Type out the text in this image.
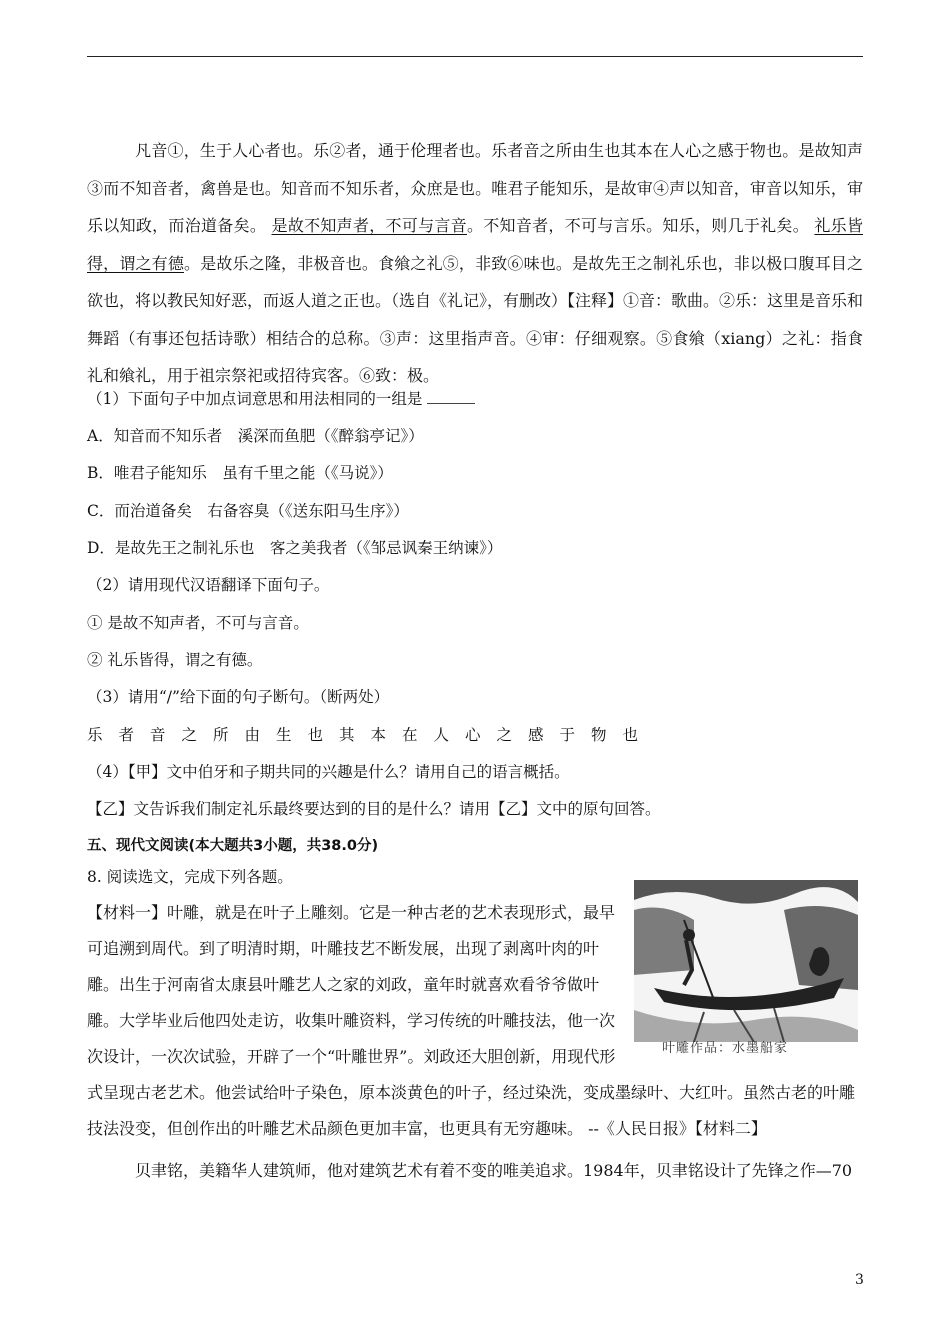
凡音①，生于人心者也。乐②者，通于伦理者也。乐者音之所由生也其本在人心之感于物也。是故知声③而不知音者，禽兽是也。知音而不知乐者，众庶是也。唯君子能知乐，是故审④声以知音，审音以知乐，审乐以知政，而治道备矣。 是故不知声者，不可与言音。不知音者，不可与言乐。知乐，则几于礼矣。 礼乐皆得，谓之有德。是故乐之隆，非极音也。食飨之礼⑤，非致⑥味也。是故先王之制礼乐也，非以极口腹耳目之欲也，将以教民知好恶，而返人道之正也。（选自《礼记》，有删改）【注释】①音：歌曲。②乐：这里是音乐和舞蹈（有事还包括诗歌）相结合的总称。③声：这里指声音。④审：仔细观察。⑤食飨（xiang）之礼：指食礼和飨礼，用于祖宗祭祀或招待宾客。⑥致：极。
（1）下面句子中加点词意思和用法相同的一组是
A．知音而不知乐者　溪深而鱼肥（《醉翁亭记》）
B．唯君子能知乐　虽有千里之能（《马说》）
C．而治道备矣　右备容臭（《送东阳马生序》）
D．是故先王之制礼乐也　客之美我者（《邹忌讽秦王纳谏》）
（2）请用现代汉语翻译下面句子。
① 是故不知声者，不可与言音。
② 礼乐皆得，谓之有德。
（3）请用“/”给下面的句子断句。（断两处）
乐者音之所由生也其本在人心之感于物也
（4）【甲】文中伯牙和子期共同的兴趣是什么？请用自己的语言概括。
【乙】文告诉我们制定礼乐最终要达到的目的是什么？请用【乙】文中的原句回答。
五、现代文阅读(本大题共3小题，共38.0分)
8. 阅读选文，完成下列各题。
【材料一】叶雕，就是在叶子上雕刻。它是一种古老的艺术表现形式，最早可追溯到周代。到了明清时期，叶雕技艺不断发展，出现了剥离叶肉的叶雕。出生于河南省太康县叶雕艺人之家的刘政，童年时就喜欢看爷爷做叶雕。大学毕业后他四处走访，收集叶雕资料，学习传统的叶雕技法，他一次次设计，一次次试验，开辟了一个“叶雕世界”。刘政还大胆创新，用现代形式呈现古老艺术。他尝试给叶子染色，原本淡黄色的叶子，经过染洗，变成墨绿叶、大红叶。虽然古老的叶雕技法没变，但创作出的叶雕艺术品颜色更加丰富，也更具有无穷趣味。 --《人民日报》【材料二】
叶雕作品：水墨船家
贝聿铭，美籍华人建筑师，他对建筑艺术有着不变的唯美追求。1984年，贝聿铭设计了先锋之作—70
3
